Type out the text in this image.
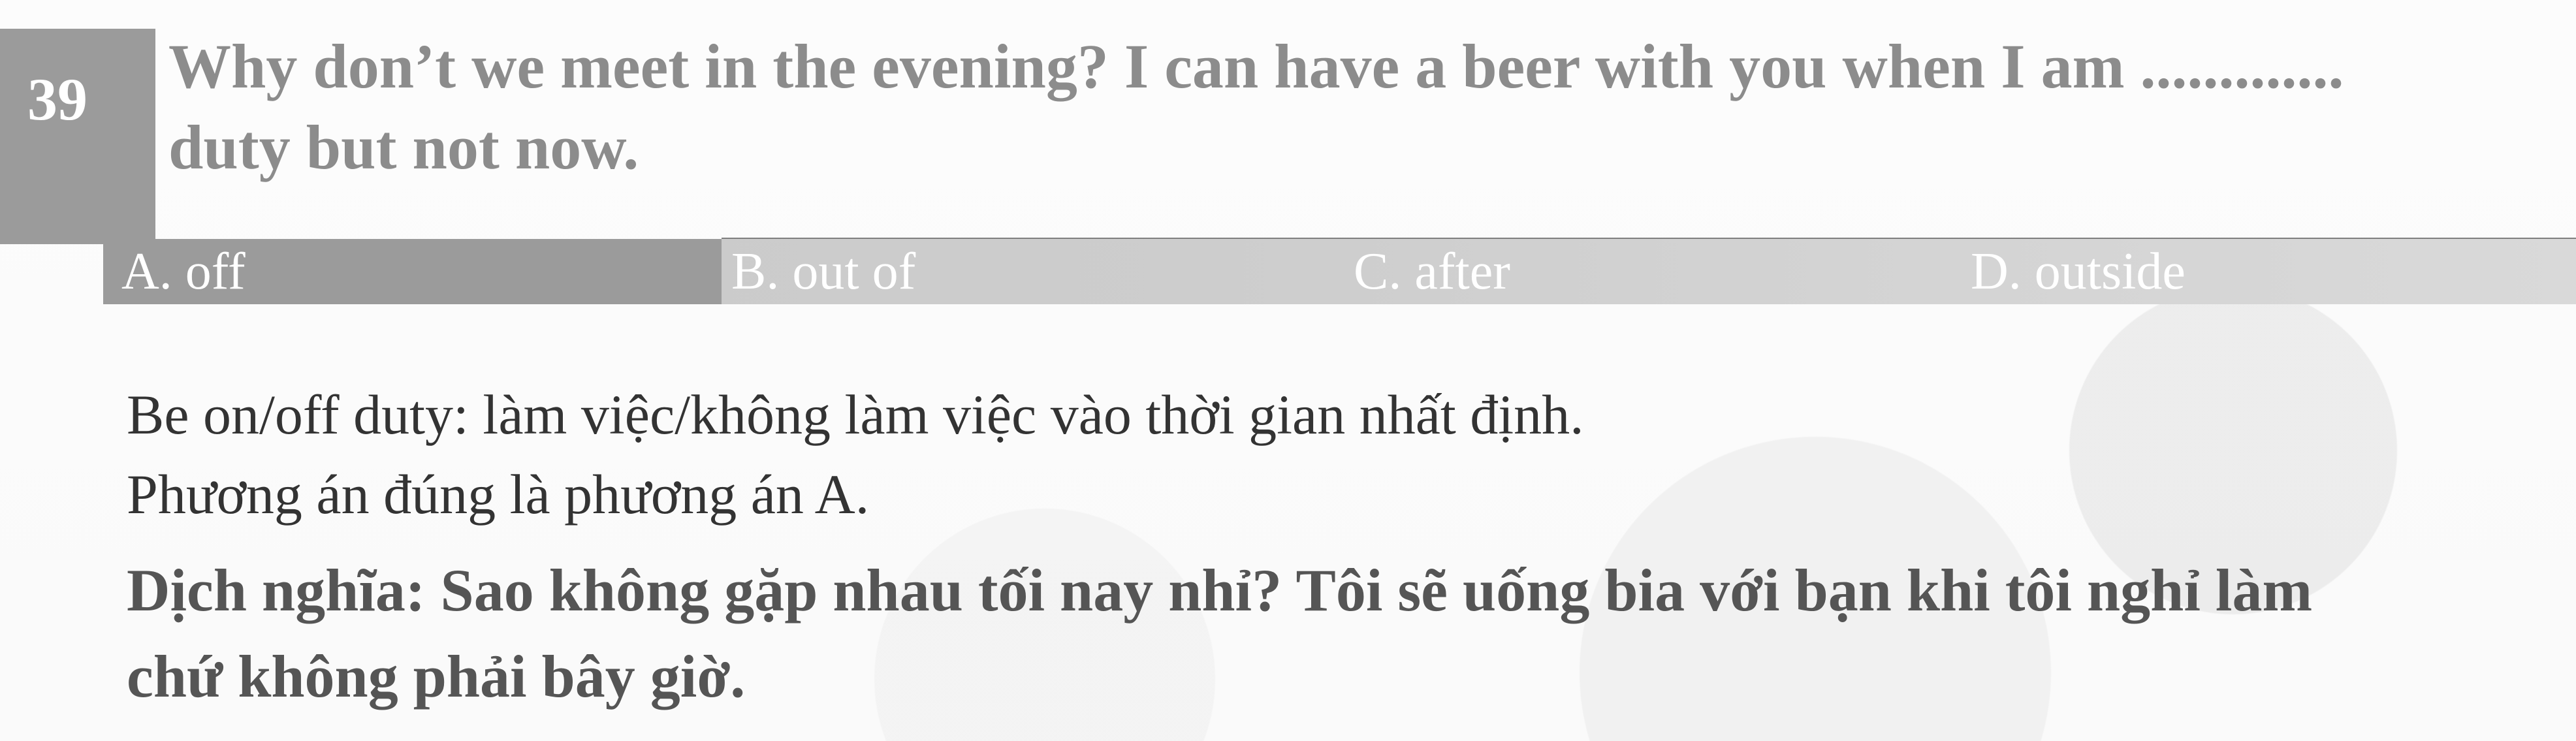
39 Why don’t we meet in the evening? I can have a beer with you when I am .............
duty but not now.
A. off	B. out of	C. after	D. outside
Be on/off duty: làm việc/không làm việc vào thời gian nhất định.
Phương án đúng là phương án A.
Dịch nghĩa: Sao không gặp nhau tối nay nhỉ? Tôi sẽ uống bia với bạn khi tôi nghỉ làm
chứ không phải bây giờ.
